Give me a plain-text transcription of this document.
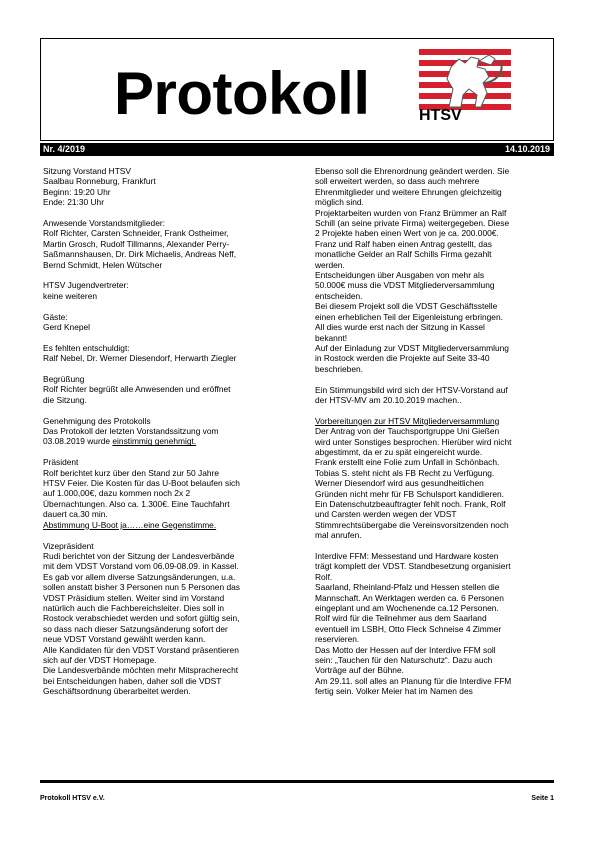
Protokoll	HTSV
Nr. 4/2019	14.10.2019

Sitzung Vorstand HTSV

Saalbau Ronneburg, Frankfurt

Beginn: 19:20 Uhr

Ende: 21:30 Uhr

Anwesende Vorstandsmitglieder:

Rolf Richter, Carsten Schneider, Frank Ostheimer,

Martin Grosch, Rudolf Tillmanns, Alexander Perry-

Saßmannshausen, Dr. Dirk Michaelis, Andreas Neff,

Bernd Schmidt, Helen Wütscher

HTSV Jugendvertreter:

keine weiteren

Gäste:

Gerd Knepel

Es fehlten entschuldigt:

Ralf Nebel, Dr. Werner Diesendorf, Herwarth Ziegler

Begrüßung

Rolf Richter begrüßt alle Anwesenden und eröffnet

die Sitzung.

Genehmigung des Protokolls

Das Protokoll der letzten Vorstandssitzung vom

03.08.2019 wurde einstimmig genehmigt.

Präsident

Rolf berichtet kurz über den Stand zur 50 Jahre

HTSV Feier. Die Kosten für das U-Boot belaufen sich

auf 1.000,00€, dazu kommen noch 2x 2

Übernachtungen. Also ca. 1.300€. Eine Tauchfahrt

dauert ca.30 min.

Abstimmung U-Boot ja……eine Gegenstimme.

Vizepräsident

Rudi berichtet von der Sitzung der Landesverbände

mit dem VDST Vorstand vom 06.09-08.09. in Kassel.

Es gab vor allem diverse Satzungsänderungen, u.a.

sollen anstatt bisher 3 Personen nun 5 Personen das

VDST Präsidium stellen. Weiter sind im Vorstand

natürlich auch die Fachbereichsleiter. Dies soll in

Rostock verabschiedet werden und sofort gültig sein,

so dass nach dieser Satzungsänderung sofort der

neue VDST Vorstand gewählt werden kann.

Alle Kandidaten für den VDST Vorstand präsentieren

sich auf der VDST Homepage.

Die Landesverbände möchten mehr Mitspracherecht

bei Entscheidungen haben, daher soll die VDST

Geschäftsordnung überarbeitet werden.

Ebenso soll die Ehrenordnung geändert werden. Sie

soll erweitert werden, so dass auch mehrere

Ehrenmitglieder und weitere Ehrungen gleichzeitig

möglich sind.

Projektarbeiten wurden von Franz Brümmer an Ralf

Schill (an seine private Firma) weitergegeben. Diese

2 Projekte haben einen Wert von je ca. 200.000€.

Franz und Ralf haben einen Antrag gestellt, das

monatliche Gelder an Ralf Schills Firma gezahlt

werden.

Entscheidungen über Ausgaben von mehr als

50.000€ muss die VDST Mitgliederversammlung

entscheiden.

Bei diesem Projekt soll die VDST Geschäftsstelle

einen erheblichen Teil der Eigenleistung erbringen.

All dies wurde erst nach der Sitzung in Kassel

bekannt!

Auf der Einladung zur VDST Mitgliederversammlung

in Rostock werden die Projekte auf Seite 33-40

beschrieben.

Ein Stimmungsbild wird sich der HTSV-Vorstand auf

der HTSV-MV am 20.10.2019 machen..

Vorbereitungen zur HTSV Mitgliederversammlung

Der Antrag von der Tauchsportgruppe Uni Gießen

wird unter Sonstiges besprochen. Hierüber wird nicht

abgestimmt, da er zu spät eingereicht wurde.

Frank erstellt eine Folie zum Unfall in Schönbach.

Tobias S. steht nicht als FB Recht zu Verfügung.

Werner Diesendorf wird aus gesundheitlichen

Gründen nicht mehr für FB Schulsport kandidieren.

Ein Datenschutzbeauftragter fehlt noch. Frank, Rolf

und Carsten werden wegen der VDST

Stimmrechtsübergabe die Vereinsvorsitzenden noch

mal anrufen.

Interdive FFM: Messestand und Hardware kosten

trägt komplett der VDST. Standbesetzung organisiert

Rolf.

Saarland, Rheinland-Pfalz und Hessen stellen die

Mannschaft. An Werktagen werden ca. 6 Personen

eingeplant und am Wochenende ca.12 Personen.

Rolf wird für die Teilnehmer aus dem Saarland

eventuell im LSBH, Otto Fleck Schneise 4 Zimmer

reservieren.

Das Motto der Hessen auf der Interdive FFM soll

sein: „Tauchen für den Naturschutz“. Dazu auch

Vorträge auf der Bühne.

Am 29.11. soll alles an Planung für die Interdive FFM

fertig sein. Volker Meier hat im Namen des

Protokoll HTSV e.V.	Seite 1
